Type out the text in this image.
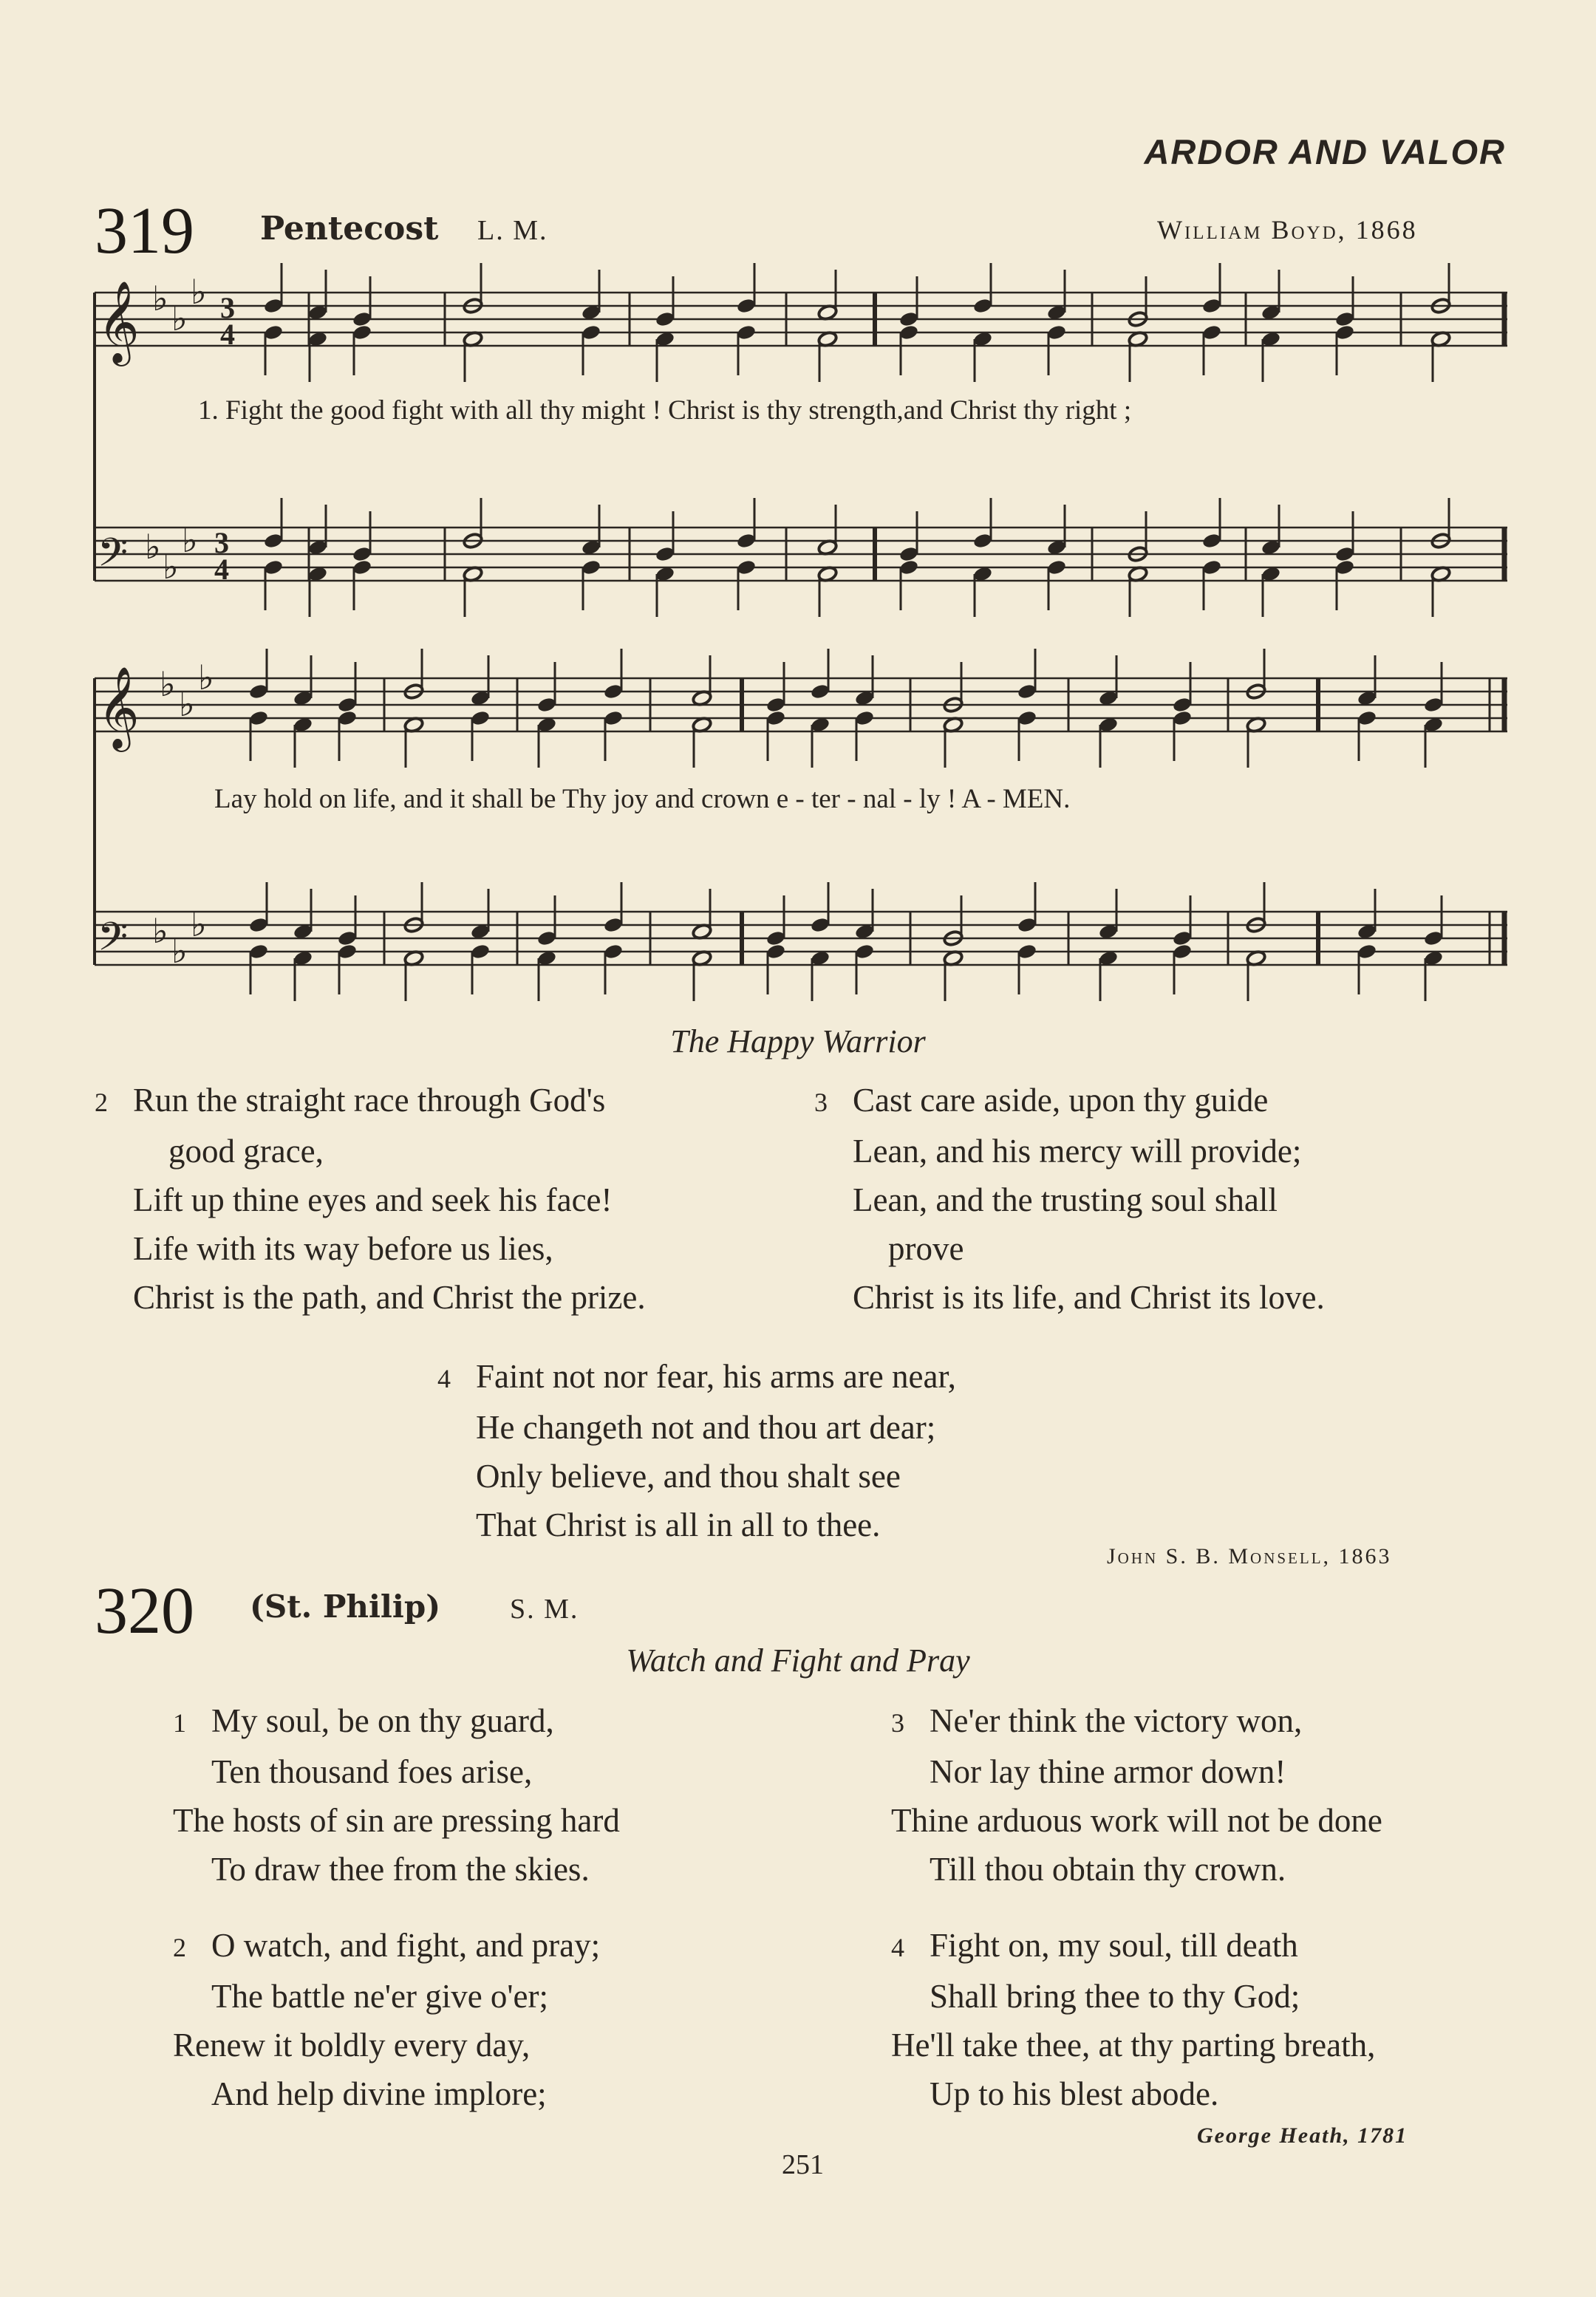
ARDOR AND VALOR
319 Pentecost L. M.	William Boyd, 1868
𝄞
𝄢
𝄞
𝄢
♭ ♭
♭
♭ ♭
♭
♭ ♭
♭
♭ ♭
♭
3
4
3
4
1. Fight the good fight with all thy might ! Christ is thy strength,and Christ thy right ;
Lay hold on life, and it shall be Thy joy and crown e - ter - nal - ly ! A - MEN.
The Happy Warrior
2 Run the straight race through God's
good grace,
Lift up thine eyes and seek his face!
Life with its way before us lies,
Christ is the path, and Christ the prize.
3 Cast care aside, upon thy guide
Lean, and his mercy will provide;
Lean, and the trusting soul shall
prove
Christ is its life, and Christ its love.
4 Faint not nor fear, his arms are near,
He changeth not and thou art dear;
Only believe, and thou shalt see
That Christ is all in all to thee.
John S. B. Monsell, 1863
320 (St. Philip) S. M.
Watch and Fight and Pray
1 My soul, be on thy guard,
Ten thousand foes arise,
The hosts of sin are pressing hard
To draw thee from the skies.
2 O watch, and fight, and pray;
The battle ne'er give o'er;
Renew it boldly every day,
And help divine implore;
3 Ne'er think the victory won,
Nor lay thine armor down!
Thine arduous work will not be done
Till thou obtain thy crown.
4 Fight on, my soul, till death
Shall bring thee to thy God;
He'll take thee, at thy parting breath,
Up to his blest abode.
George Heath, 1781
251
